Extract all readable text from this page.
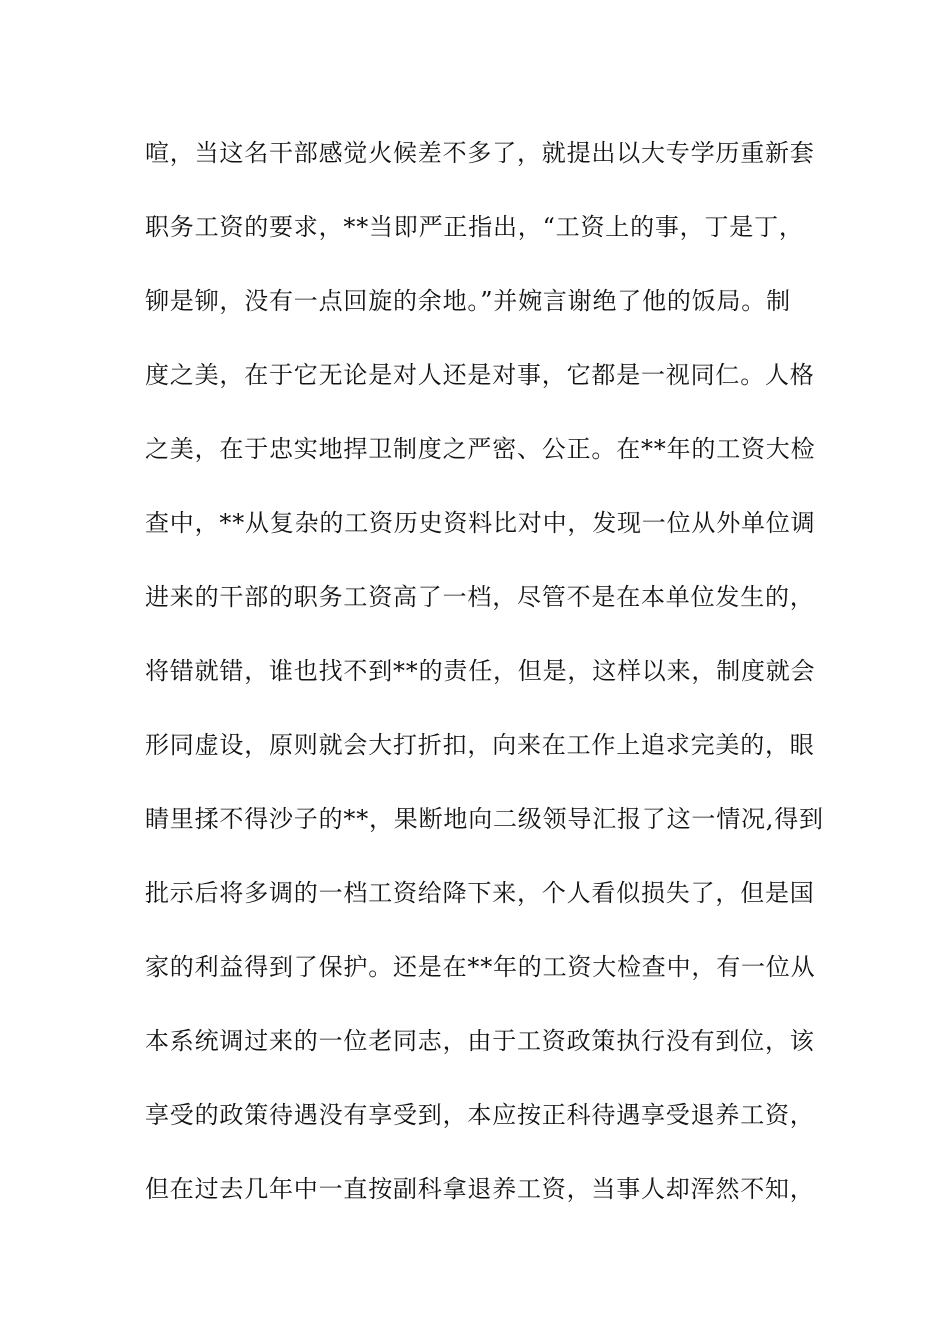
喧，当这名干部感觉火候差不多了，就提出以大专学历重新套
职务工资的要求，**当即严正指出，“工资上的事，丁是丁，
铆是铆，没有一点回旋的余地。”并婉言谢绝了他的饭局。制
度之美，在于它无论是对人还是对事，它都是一视同仁。人格
之美，在于忠实地捍卫制度之严密、公正。在**年的工资大检
查中，**从复杂的工资历史资料比对中，发现一位从外单位调
进来的干部的职务工资高了一档，尽管不是在本单位发生的，
将错就错，谁也找不到**的责任，但是，这样以来，制度就会
形同虚设，原则就会大打折扣，向来在工作上追求完美的，眼
睛里揉不得沙子的**，果断地向二级领导汇报了这一情况,得到
批示后将多调的一档工资给降下来，个人看似损失了，但是国
家的利益得到了保护。还是在**年的工资大检查中，有一位从
本系统调过来的一位老同志，由于工资政策执行没有到位，该
享受的政策待遇没有享受到，本应按正科待遇享受退养工资，
但在过去几年中一直按副科拿退养工资，当事人却浑然不知，
